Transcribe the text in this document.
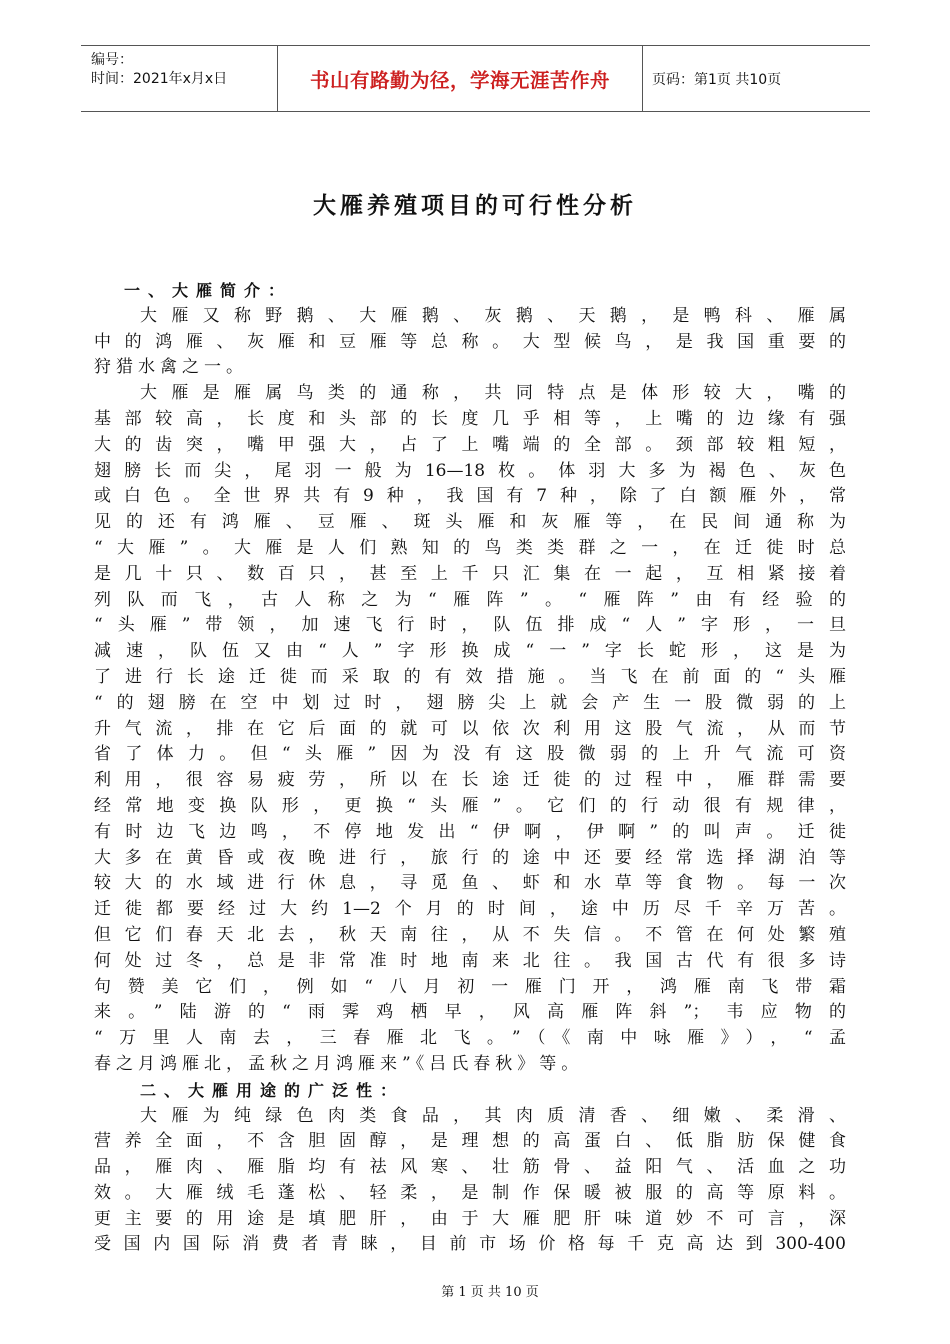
编号：
时间：2021年x月x日	书山有路勤为径，学海无涯苦作舟	页码：第1页 共10页
大雁养殖项目的可行性分析
一、大雁简介：
大雁又称野鹅、大雁鹅、灰鹅、天鹅，是鸭科、雁属
中的鸿雁、灰雁和豆雁等总称。大型候鸟，是我国重要的
狩猎水禽之一。
大雁是雁属鸟类的通称，共同特点是体形较大，嘴的
基部较高，长度和头部的长度几乎相等，上嘴的边缘有强
大的齿突，嘴甲强大，占了上嘴端的全部。颈部较粗短，
翅膀长而尖，尾羽一般为16—18枚。体羽大多为褐色、灰色
或白色。全世界共有9种，我国有7种，除了白额雁外，常
见的还有鸿雁、豆雁、斑头雁和灰雁等，在民间通称为
“大雁”。大雁是人们熟知的鸟类类群之一，在迁徙时总
是几十只、数百只，甚至上千只汇集在一起，互相紧接着
列队而飞，古人称之为“雁阵”。“雁阵”由有经验的
“头雁”带领，加速飞行时，队伍排成“人”字形，一旦
减速，队伍又由“人”字形换成“一”字长蛇形，这是为
了进行长途迁徙而采取的有效措施。当飞在前面的“头雁
“的翅膀在空中划过时，翅膀尖上就会产生一股微弱的上
升气流，排在它后面的就可以依次利用这股气流，从而节
省了体力。但“头雁”因为没有这股微弱的上升气流可资
利用，很容易疲劳，所以在长途迁徙的过程中，雁群需要
经常地变换队形，更换“头雁”。它们的行动很有规律，
有时边飞边鸣，不停地发出“伊啊，伊啊”的叫声。迁徙
大多在黄昏或夜晚进行，旅行的途中还要经常选择湖泊等
较大的水域进行休息，寻觅鱼、虾和水草等食物。每一次
迁徙都要经过大约1—2个月的时间，途中历尽千辛万苦。
但它们春天北去，秋天南往，从不失信。不管在何处繁殖
何处过冬，总是非常准时地南来北往。我国古代有很多诗
句赞美它们，例如“八月初一雁门开，鸿雁南飞带霜
来。”陆游的“雨霁鸡栖早，风高雁阵斜”；韦应物的
“万里人南去，三春雁北飞。”（《南中咏雁》），“孟
春之月鸿雁北，孟秋之月鸿雁来”《吕氏春秋》等。
二、大雁用途的广泛性：
大雁为纯绿色肉类食品，其肉质清香、细嫩、柔滑、
营养全面，不含胆固醇，是理想的高蛋白、低脂肪保健食
品，雁肉、雁脂均有祛风寒、壮筋骨、益阳气、活血之功
效。大雁绒毛蓬松、轻柔，是制作保暖被服的高等原料。
更主要的用途是填肥肝，由于大雁肥肝味道妙不可言，深
受国内国际消费者青睐，目前市场价格每千克高达到300-400
第 1 页 共 10 页
